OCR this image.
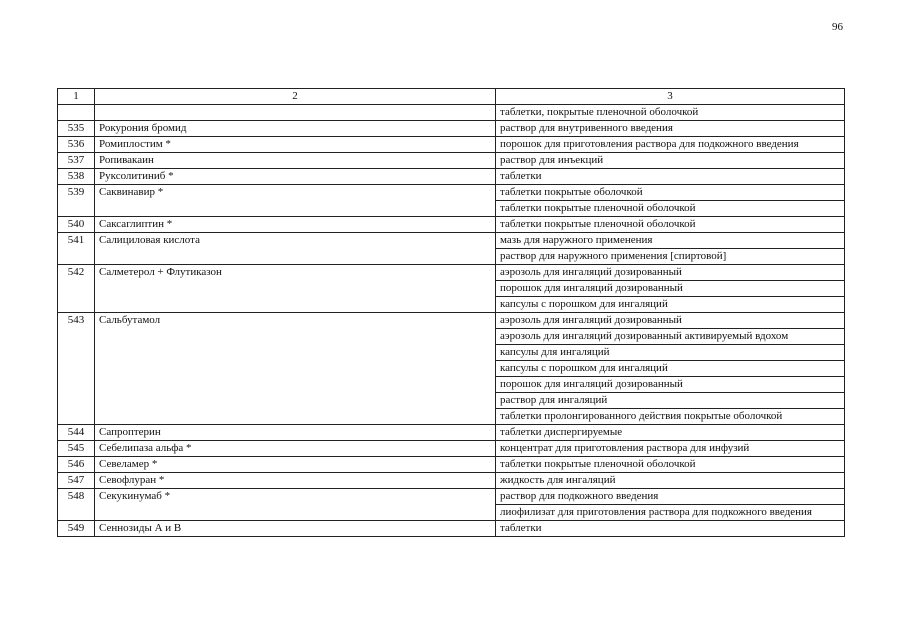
96
1	2	3
		таблетки, покрытые пленочной оболочкой
535	Рокурония бромид	раствор для внутривенного введения
536	Ромиплостим *	порошок для приготовления раствора для подкожного введения
537	Ропивакаин	раствор для инъекций
538	Руксолитиниб *	таблетки
539	Саквинавир *	таблетки покрытые оболочкой
		таблетки покрытые пленочной оболочкой
540	Саксаглиптин *	таблетки покрытые пленочной оболочкой
541	Салициловая кислота	мазь для наружного применения
		раствор для наружного применения [спиртовой]
542	Салметерол + Флутиказон	аэрозоль для ингаляций дозированный
		порошок для ингаляций дозированный
		капсулы с порошком для ингаляций
543	Сальбутамол	аэрозоль для ингаляций дозированный
		аэрозоль для ингаляций дозированный активируемый вдохом
		капсулы для ингаляций
		капсулы с порошком для ингаляций
		порошок для ингаляций дозированный
		раствор для ингаляций
		таблетки пролонгированного действия покрытые оболочкой
544	Сапроптерин	таблетки диспергируемые
545	Себелипаза альфа *	концентрат для приготовления раствора для инфузий
546	Севеламер *	таблетки покрытые пленочной оболочкой
547	Севофлуран *	жидкость для ингаляций
548	Секукинумаб *	раствор для подкожного введения
		лиофилизат для приготовления раствора для подкожного введения
549	Сеннозиды А и В	таблетки
